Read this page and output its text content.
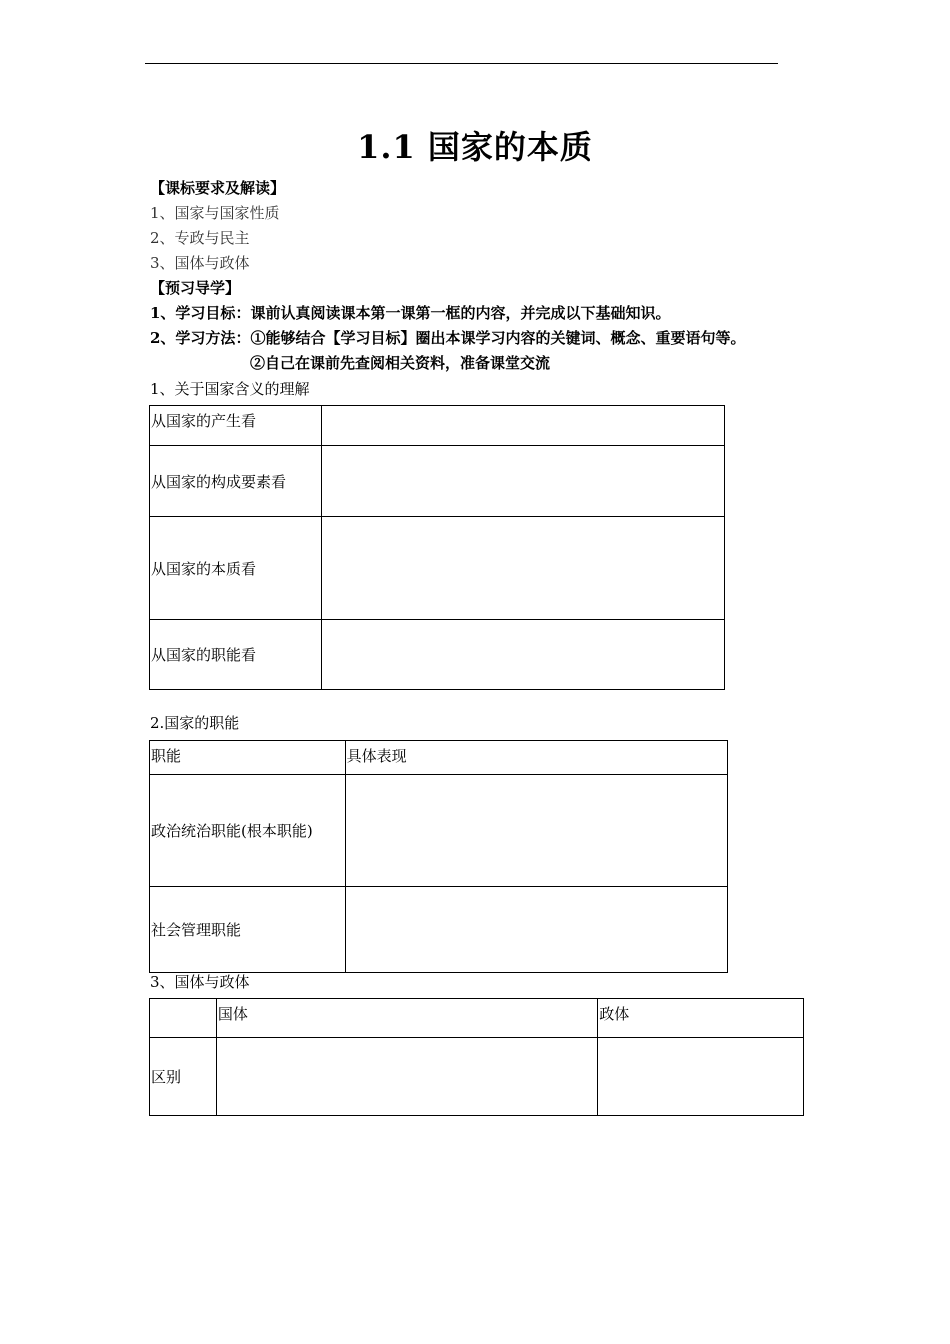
1.1 国家的本质
【课标要求及解读】
1、国家与国家性质
2、专政与民主
3、国体与政体
【预习导学】
1、学习目标：课前认真阅读课本第一课第一框的内容，并完成以下基础知识。
2、学习方法：①能够结合【学习目标】圈出本课学习内容的关键词、概念、重要语句等。
②自己在课前先查阅相关资料，准备课堂交流
1、关于国家含义的理解
从国家的产生看	
从国家的构成要素看	
从国家的本质看	
从国家的职能看	
2.国家的职能
职能	具体表现
政治统治职能(根本职能)	
社会管理职能	
3、国体与政体
	国体	政体
区别		
